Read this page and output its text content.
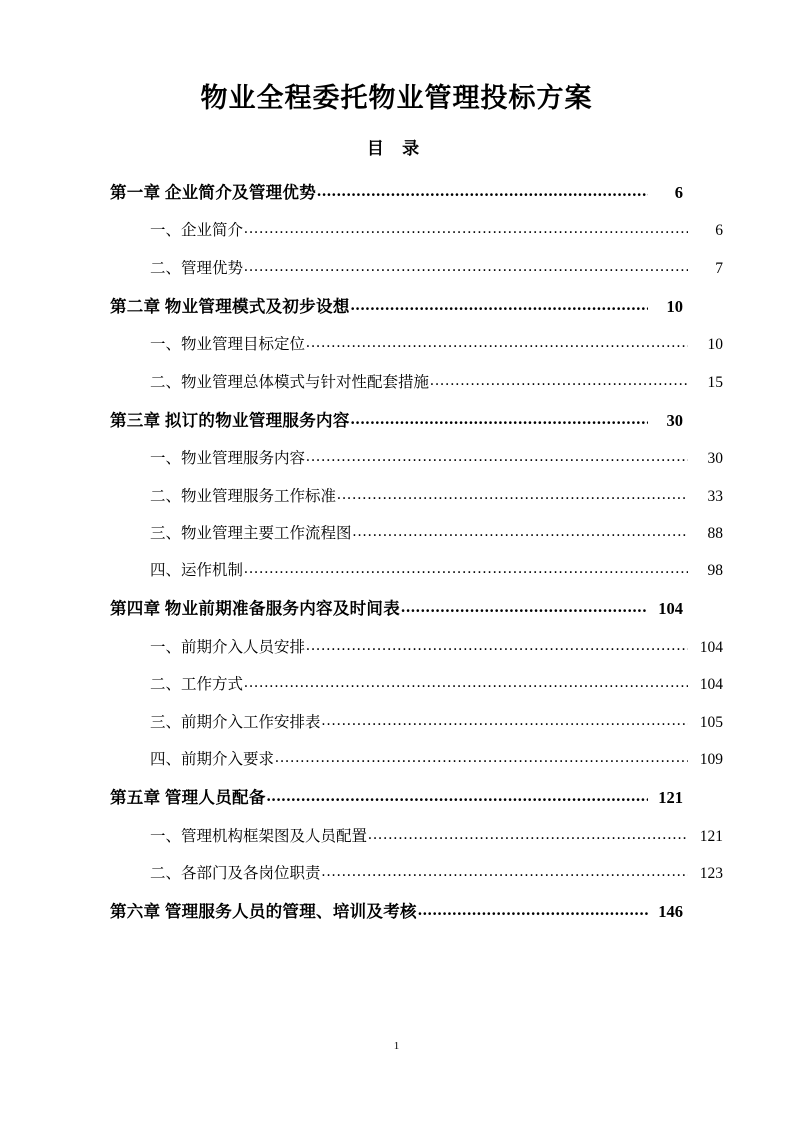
物业全程委托物业管理投标方案
目 录
第一章 企业简介及管理优势 .....	6
一、企业简介 .....	6
二、管理优势 .....	7
第二章 物业管理模式及初步设想 .....	10
一、物业管理目标定位 .....	10
二、物业管理总体模式与针对性配套措施 .....	15
第三章 拟订的物业管理服务内容 .....	30
一、物业管理服务内容 .....	30
二、物业管理服务工作标准 .....	33
三、物业管理主要工作流程图 .....	88
四、运作机制 .....	98
第四章 物业前期准备服务内容及时间表 .....	104
一、前期介入人员安排 .....	104
二、工作方式 .....	104
三、前期介入工作安排表 .....	105
四、前期介入要求 .....	109
第五章 管理人员配备 .....	121
一、管理机构框架图及人员配置 .....	121
二、各部门及各岗位职责 .....	123
第六章 管理服务人员的管理、培训及考核 .....	146
1
